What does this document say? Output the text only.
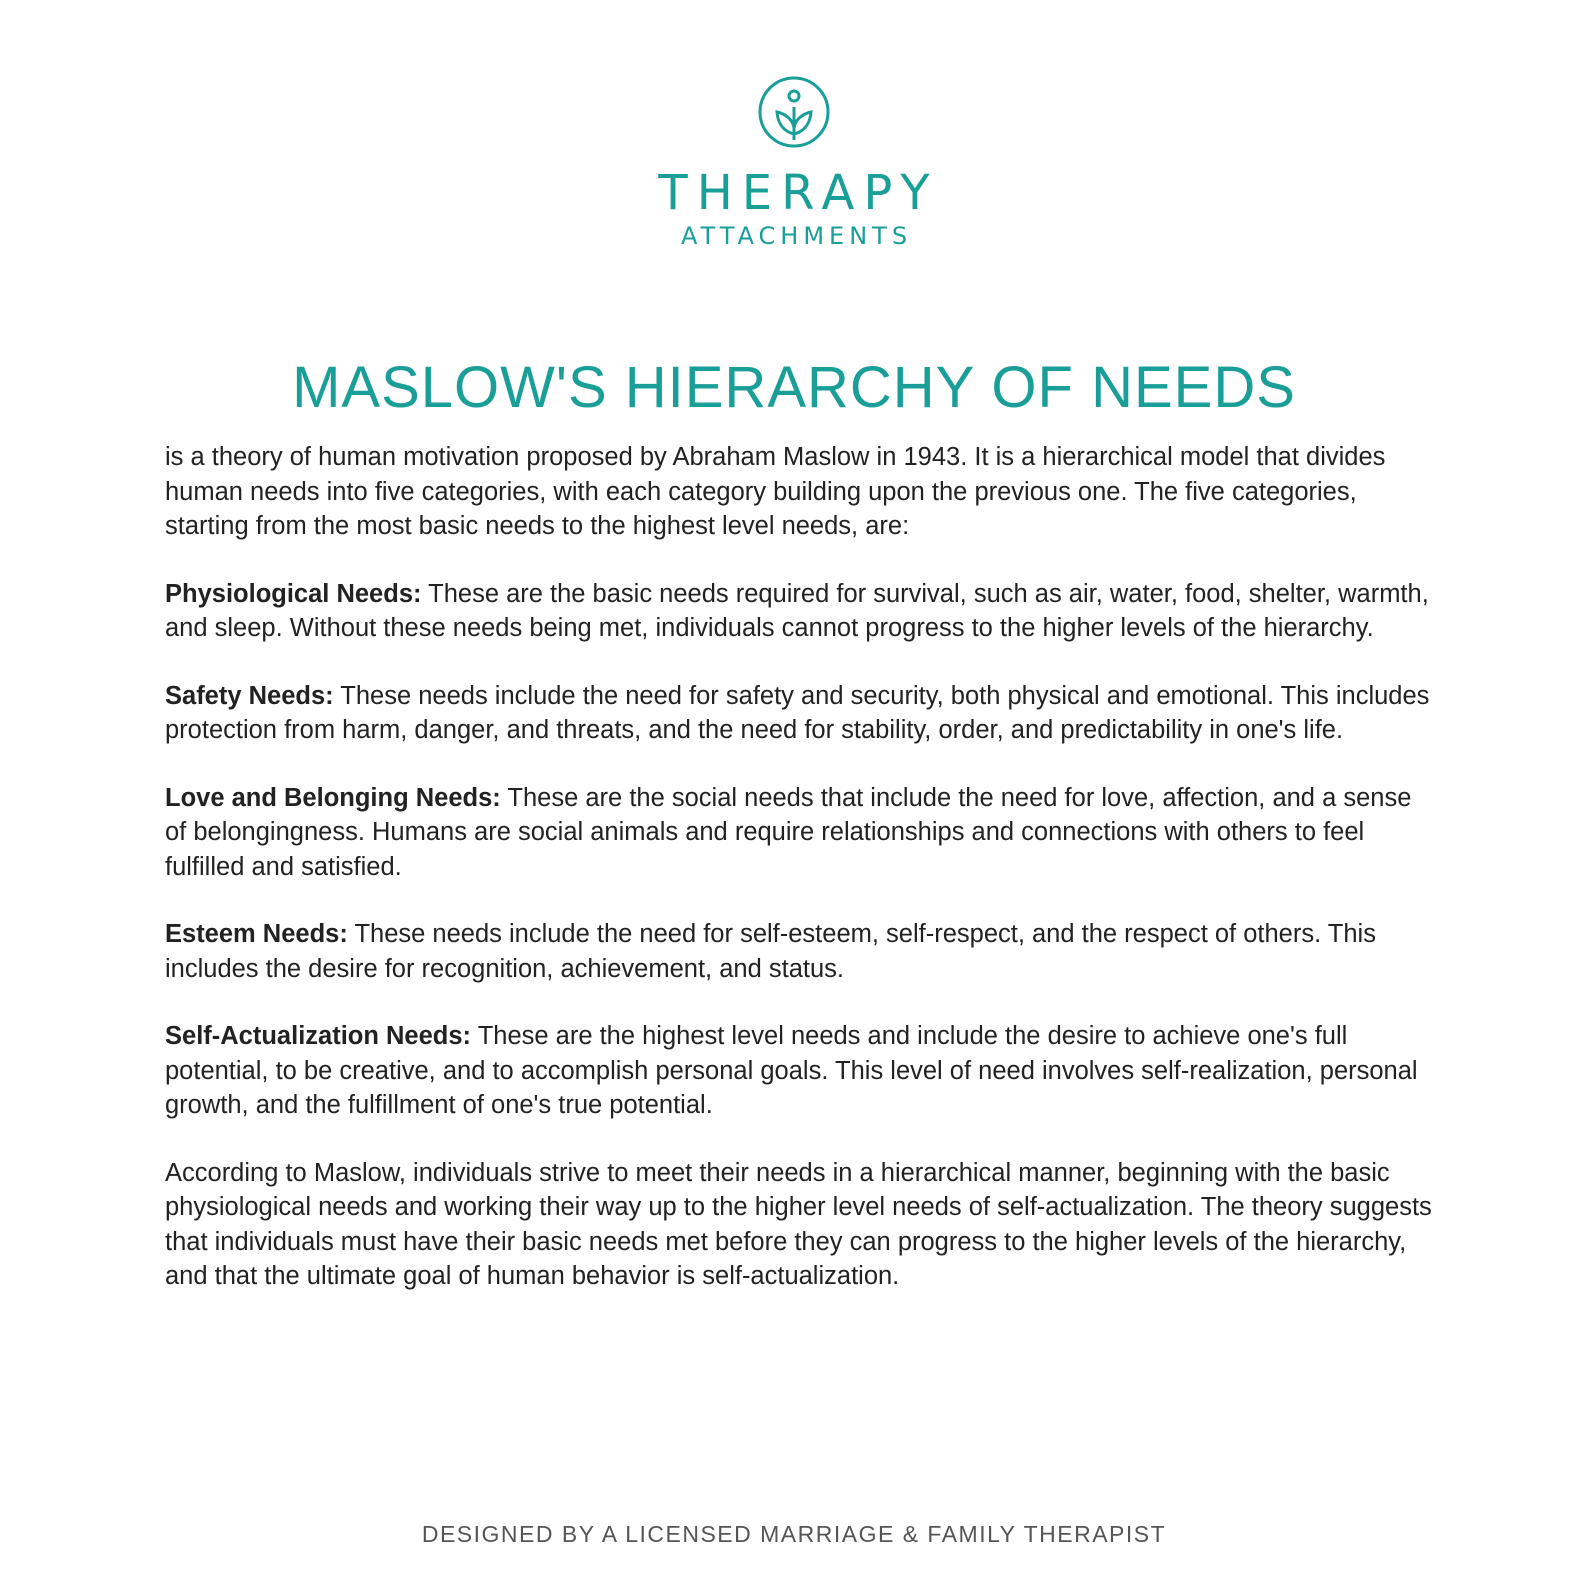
THERAPY
ATTACHMENTS
MASLOW'S HIERARCHY OF NEEDS

is a theory of human motivation proposed by Abraham Maslow in 1943. It is a hierarchical model that divides human needs into five categories, with each category building upon the previous one. The five categories, starting from the most basic needs to the highest level needs, are:

Physiological Needs: These are the basic needs required for survival, such as air, water, food, shelter, warmth, and sleep. Without these needs being met, individuals cannot progress to the higher levels of the hierarchy.

Safety Needs: These needs include the need for safety and security, both physical and emotional. This includes protection from harm, danger, and threats, and the need for stability, order, and predictability in one's life.

Love and Belonging Needs: These are the social needs that include the need for love, affection, and a sense of belongingness. Humans are social animals and require relationships and connections with others to feel fulfilled and satisfied.

Esteem Needs: These needs include the need for self-esteem, self-respect, and the respect of others. This includes the desire for recognition, achievement, and status.

Self-Actualization Needs: These are the highest level needs and include the desire to achieve one's full potential, to be creative, and to accomplish personal goals. This level of need involves self-realization, personal growth, and the fulfillment of one's true potential.

According to Maslow, individuals strive to meet their needs in a hierarchical manner, beginning with the basic physiological needs and working their way up to the higher level needs of self-actualization. The theory suggests that individuals must have their basic needs met before they can progress to the higher levels of the hierarchy, and that the ultimate goal of human behavior is self-actualization.

DESIGNED BY A LICENSED MARRIAGE & FAMILY THERAPIST
